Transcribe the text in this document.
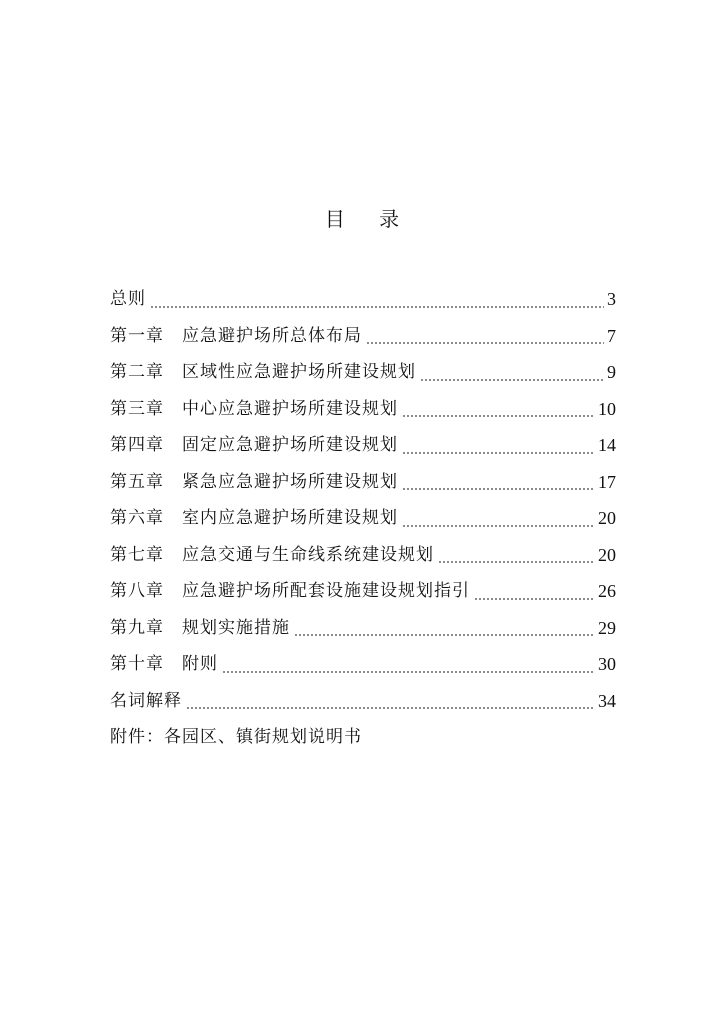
目 录
总则	3
第一章 应急避护场所总体布局	7
第二章 区域性应急避护场所建设规划	9
第三章 中心应急避护场所建设规划	10
第四章 固定应急避护场所建设规划	14
第五章 紧急应急避护场所建设规划	17
第六章 室内应急避护场所建设规划	20
第七章 应急交通与生命线系统建设规划	20
第八章 应急避护场所配套设施建设规划指引	26
第九章 规划实施措施	29
第十章 附则	30
名词解释	34
附件：各园区、镇街规划说明书
